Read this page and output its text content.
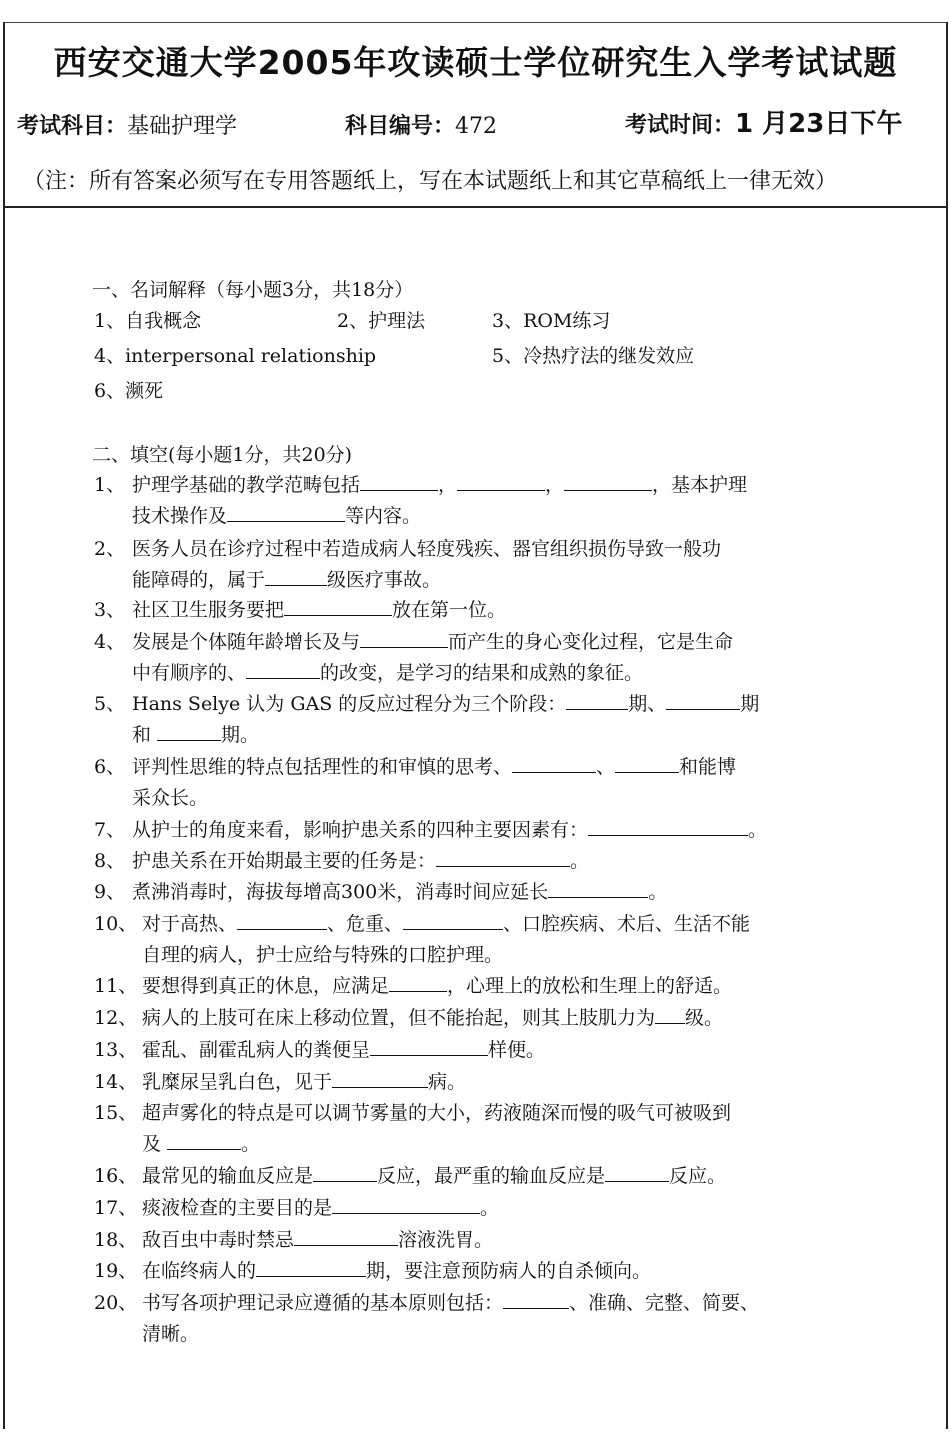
西安交通大学2005年攻读硕士学位研究生入学考试试题
考试科目：基础护理学	科目编号：472	考试时间：1 月23日下午
（注：所有答案必须写在专用答题纸上，写在本试题纸上和其它草稿纸上一律无效）
一、名词解释（每小题3分，共18分）
1、自我概念	2、护理法	3、ROM练习
4、interpersonal relationship	5、冷热疗法的继发效应
6、濒死
二、填空(每小题1分，共20分)
1、 护理学基础的教学范畴包括	，	，	，基本护理
技术操作及	等内容。
2、 医务人员在诊疗过程中若造成病人轻度残疾、器官组织损伤导致一般功
能障碍的，属于	级医疗事故。
3、 社区卫生服务要把	放在第一位。
4、 发展是个体随年龄增长及与	而产生的身心变化过程，它是生命
中有顺序的、	的改变，是学习的结果和成熟的象征。
5、 Hans Selye 认为 GAS 的反应过程分为三个阶段：	期、	期
和	期。
6、 评判性思维的特点包括理性的和审慎的思考、	、	和能博
采众长。
7、 从护士的角度来看，影响护患关系的四种主要因素有：	。
8、 护患关系在开始期最主要的任务是：	。
9、 煮沸消毒时，海拔每增高300米，消毒时间应延长	。
10、 对于高热、	、危重、	、口腔疾病、术后、生活不能
自理的病人，护士应给与特殊的口腔护理。
11、 要想得到真正的休息，应满足	，心理上的放松和生理上的舒适。
12、 病人的上肢可在床上移动位置，但不能抬起，则其上肢肌力为 级。
13、 霍乱、副霍乱病人的粪便呈	样便。
14、 乳糜尿呈乳白色，见于	病。
15、 超声雾化的特点是可以调节雾量的大小，药液随深而慢的吸气可被吸到
及	。
16、 最常见的输血反应是	反应，最严重的输血反应是	反应。
17、 痰液检查的主要目的是	。
18、 敌百虫中毒时禁忌	溶液洗胃。
19、 在临终病人的	期，要注意预防病人的自杀倾向。
20、 书写各项护理记录应遵循的基本原则包括：	、准确、完整、简要、
清晰。
